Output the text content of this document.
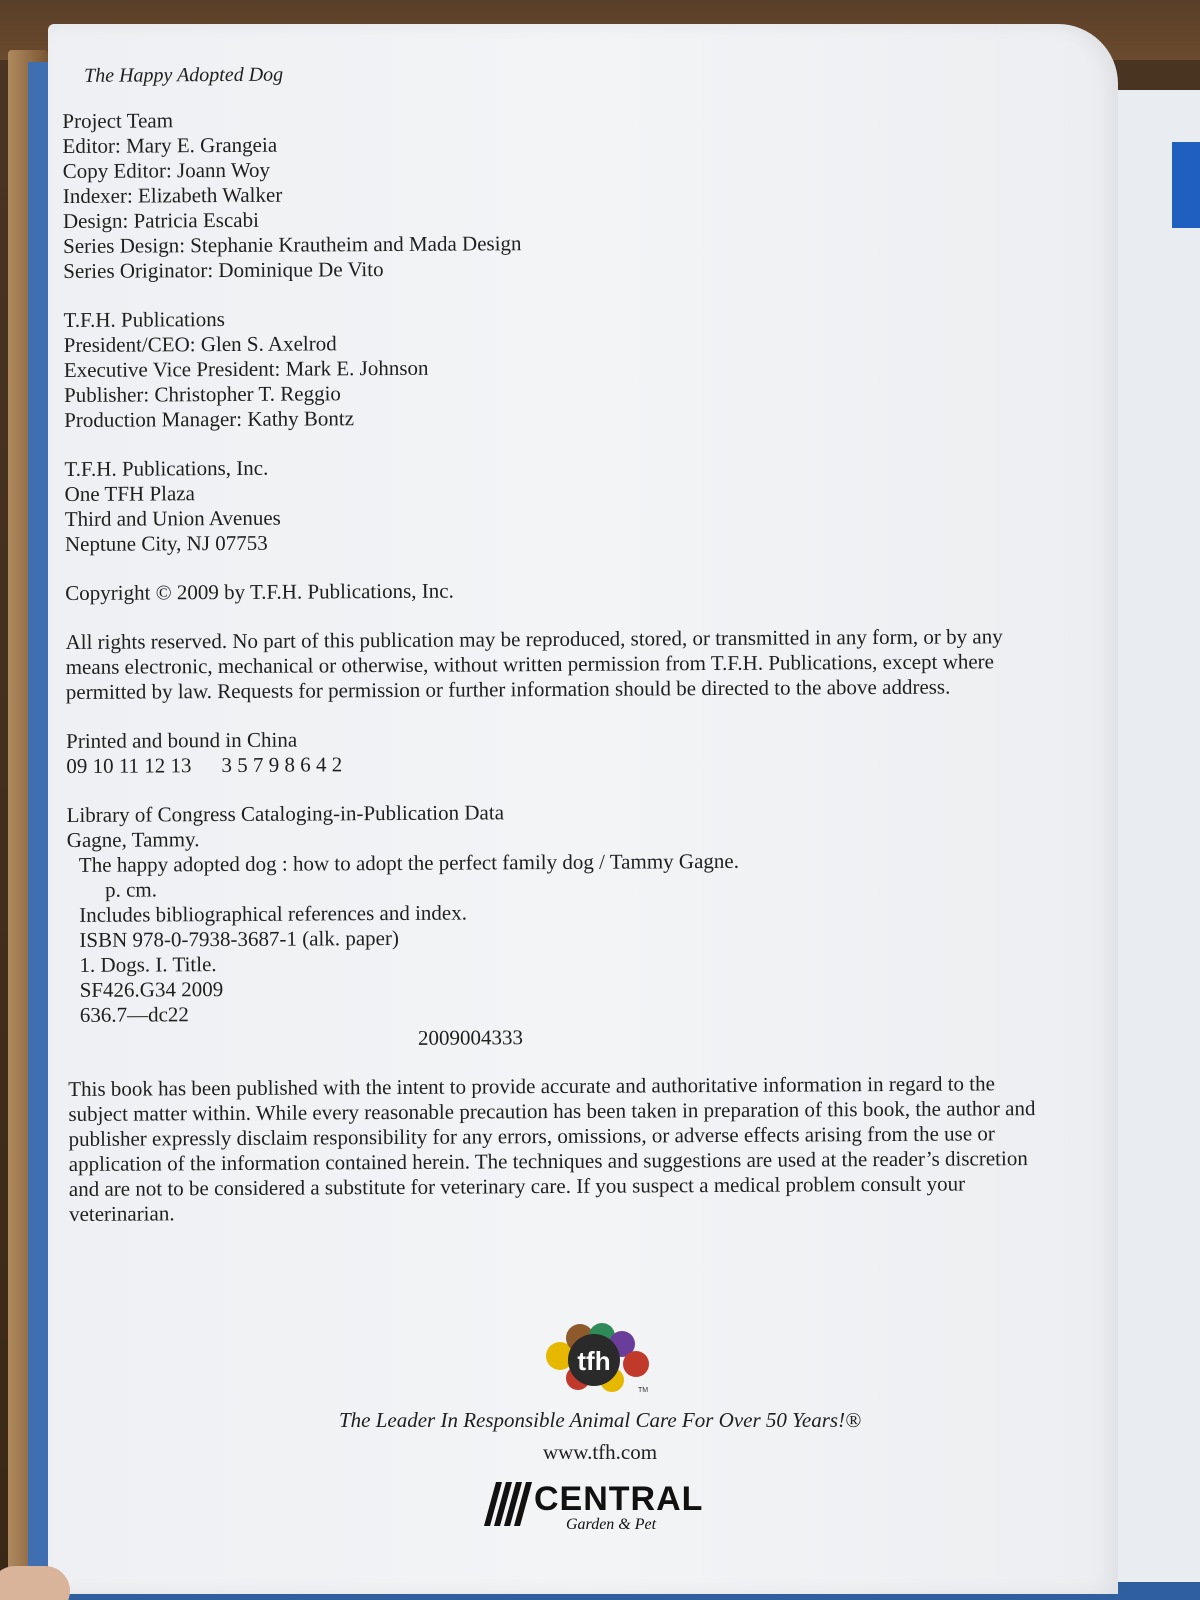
The Happy Adopted Dog
Project Team
Editor: Mary E. Grangeia
Copy Editor: Joann Woy
Indexer: Elizabeth Walker
Design: Patricia Escabi
Series Design: Stephanie Krautheim and Mada Design
Series Originator: Dominique De Vito
T.F.H. Publications
President/CEO: Glen S. Axelrod
Executive Vice President: Mark E. Johnson
Publisher: Christopher T. Reggio
Production Manager: Kathy Bontz
T.F.H. Publications, Inc.
One TFH Plaza
Third and Union Avenues
Neptune City, NJ 07753
Copyright © 2009 by T.F.H. Publications, Inc.
All rights reserved. No part of this publication may be reproduced, stored, or transmitted in any form, or by any means electronic, mechanical or otherwise, without written permission from T.F.H. Publications, except where permitted by law. Requests for permission or further information should be directed to the above address.
Printed and bound in China
09 10 11 12 13 3 5 7 9 8 6 4 2
Library of Congress Cataloging-in-Publication Data
Gagne, Tammy.
The happy adopted dog : how to adopt the perfect family dog / Tammy Gagne.
p. cm.
Includes bibliographical references and index.
ISBN 978-0-7938-3687-1 (alk. paper)
1. Dogs. I. Title.
SF426.G34 2009
636.7—dc22
2009004333
This book has been published with the intent to provide accurate and authoritative information in regard to the subject matter within. While every reasonable precaution has been taken in preparation of this book, the author and publisher expressly disclaim responsibility for any errors, omissions, or adverse effects arising from the use or application of the information contained herein. The techniques and suggestions are used at the reader’s discretion and are not to be considered a substitute for veterinary care. If you suspect a medical problem consult your veterinarian.
tfh
TM
The Leader In Responsible Animal Care For Over 50 Years!®
www.tfh.com
CENTRAL
Garden & Pet
